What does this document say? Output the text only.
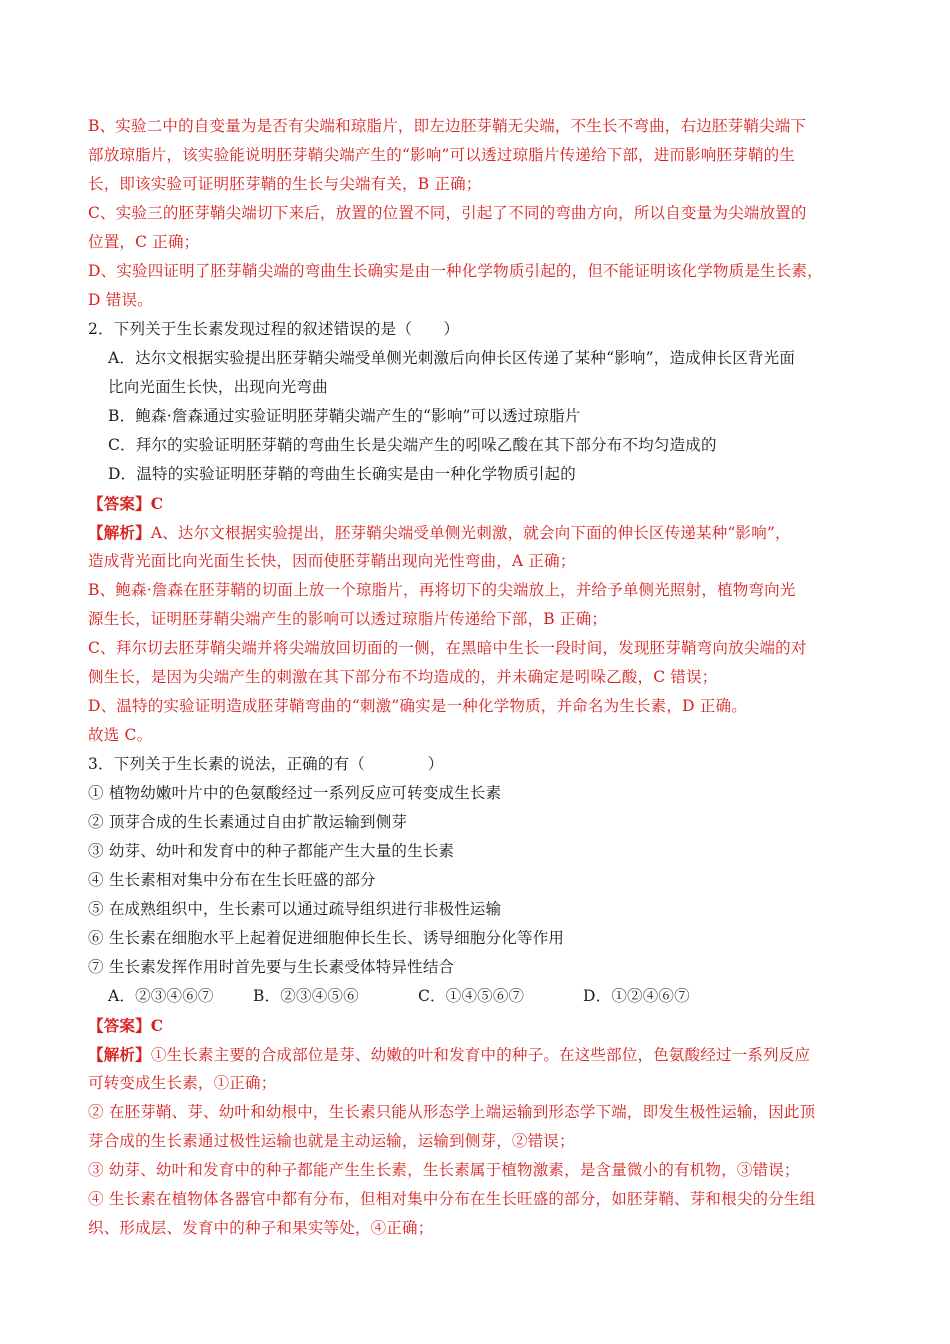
B、实验二中的自变量为是否有尖端和琼脂片，即左边胚芽鞘无尖端，不生长不弯曲，右边胚芽鞘尖端下
部放琼脂片，该实验能说明胚芽鞘尖端产生的“影响”可以透过琼脂片传递给下部，进而影响胚芽鞘的生
长，即该实验可证明胚芽鞘的生长与尖端有关，B 正确；
C、实验三的胚芽鞘尖端切下来后，放置的位置不同，引起了不同的弯曲方向，所以自变量为尖端放置的
位置，C 正确；
D、实验四证明了胚芽鞘尖端的弯曲生长确实是由一种化学物质引起的，但不能证明该化学物质是生长素，
D 错误。
2．下列关于生长素发现过程的叙述错误的是（　　）
A．达尔文根据实验提出胚芽鞘尖端受单侧光刺激后向伸长区传递了某种“影响”，造成伸长区背光面
比向光面生长快，出现向光弯曲
B．鲍森·詹森通过实验证明胚芽鞘尖端产生的“影响”可以透过琼脂片
C．拜尔的实验证明胚芽鞘的弯曲生长是尖端产生的吲哚乙酸在其下部分布不均匀造成的
D．温特的实验证明胚芽鞘的弯曲生长确实是由一种化学物质引起的
【答案】C
【解析】A、达尔文根据实验提出，胚芽鞘尖端受单侧光刺激，就会向下面的伸长区传递某种“影响”，
造成背光面比向光面生长快，因而使胚芽鞘出现向光性弯曲，A 正确；
B、鲍森·詹森在胚芽鞘的切面上放一个琼脂片，再将切下的尖端放上，并给予单侧光照射，植物弯向光
源生长，证明胚芽鞘尖端产生的影响可以透过琼脂片传递给下部，B 正确；
C、拜尔切去胚芽鞘尖端并将尖端放回切面的一侧，在黑暗中生长一段时间，发现胚芽鞘弯向放尖端的对
侧生长，是因为尖端产生的刺激在其下部分布不均造成的，并未确定是吲哚乙酸，C 错误；
D、温特的实验证明造成胚芽鞘弯曲的“刺激”确实是一种化学物质，并命名为生长素，D 正确。
故选 C。
3．下列关于生长素的说法，正确的有（　　　　）
① 植物幼嫩叶片中的色氨酸经过一系列反应可转变成生长素
② 顶芽合成的生长素通过自由扩散运输到侧芽
③ 幼芽、幼叶和发育中的种子都能产生大量的生长素
④ 生长素相对集中分布在生长旺盛的部分
⑤ 在成熟组织中，生长素可以通过疏导组织进行非极性运输
⑥ 生长素在细胞水平上起着促进细胞伸长生长、诱导细胞分化等作用
⑦ 生长素发挥作用时首先要与生长素受体特异性结合
A．②③④⑥⑦	B．②③④⑤⑥	C．①④⑤⑥⑦	D．①②④⑥⑦
【答案】C
【解析】①生长素主要的合成部位是芽、幼嫩的叶和发育中的种子。在这些部位，色氨酸经过一系列反应
可转变成生长素，①正确；
② 在胚芽鞘、芽、幼叶和幼根中，生长素只能从形态学上端运输到形态学下端，即发生极性运输，因此顶
芽合成的生长素通过极性运输也就是主动运输，运输到侧芽，②错误；
③ 幼芽、幼叶和发育中的种子都能产生生长素，生长素属于植物激素，是含量微小的有机物，③错误；
④ 生长素在植物体各器官中都有分布，但相对集中分布在生长旺盛的部分，如胚芽鞘、芽和根尖的分生组
织、形成层、发育中的种子和果实等处，④正确；
